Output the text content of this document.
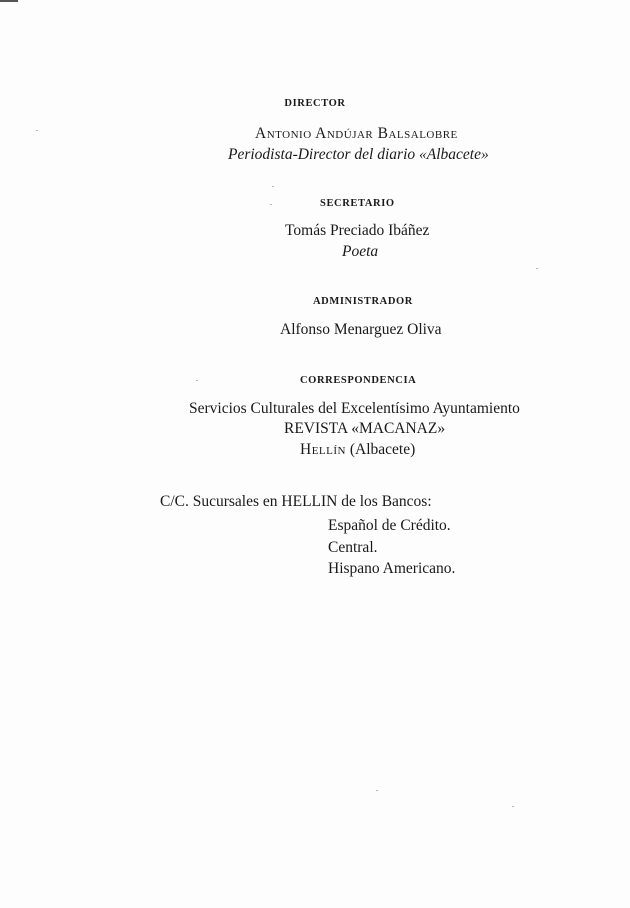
DIRECTOR
Antonio Andújar Balsalobre
Periodista-Director del diario «Albacete»
SECRETARIO
Tomás Preciado Ibáñez
Poeta
ADMINISTRADOR
Alfonso Menarguez Oliva
CORRESPONDENCIA
Servicios Culturales del Excelentísimo Ayuntamiento
REVISTA «MACANAZ»
Hellín (Albacete)
C/C. Sucursales en HELLIN de los Bancos:
Español de Crédito.
Central.
Hispano Americano.
